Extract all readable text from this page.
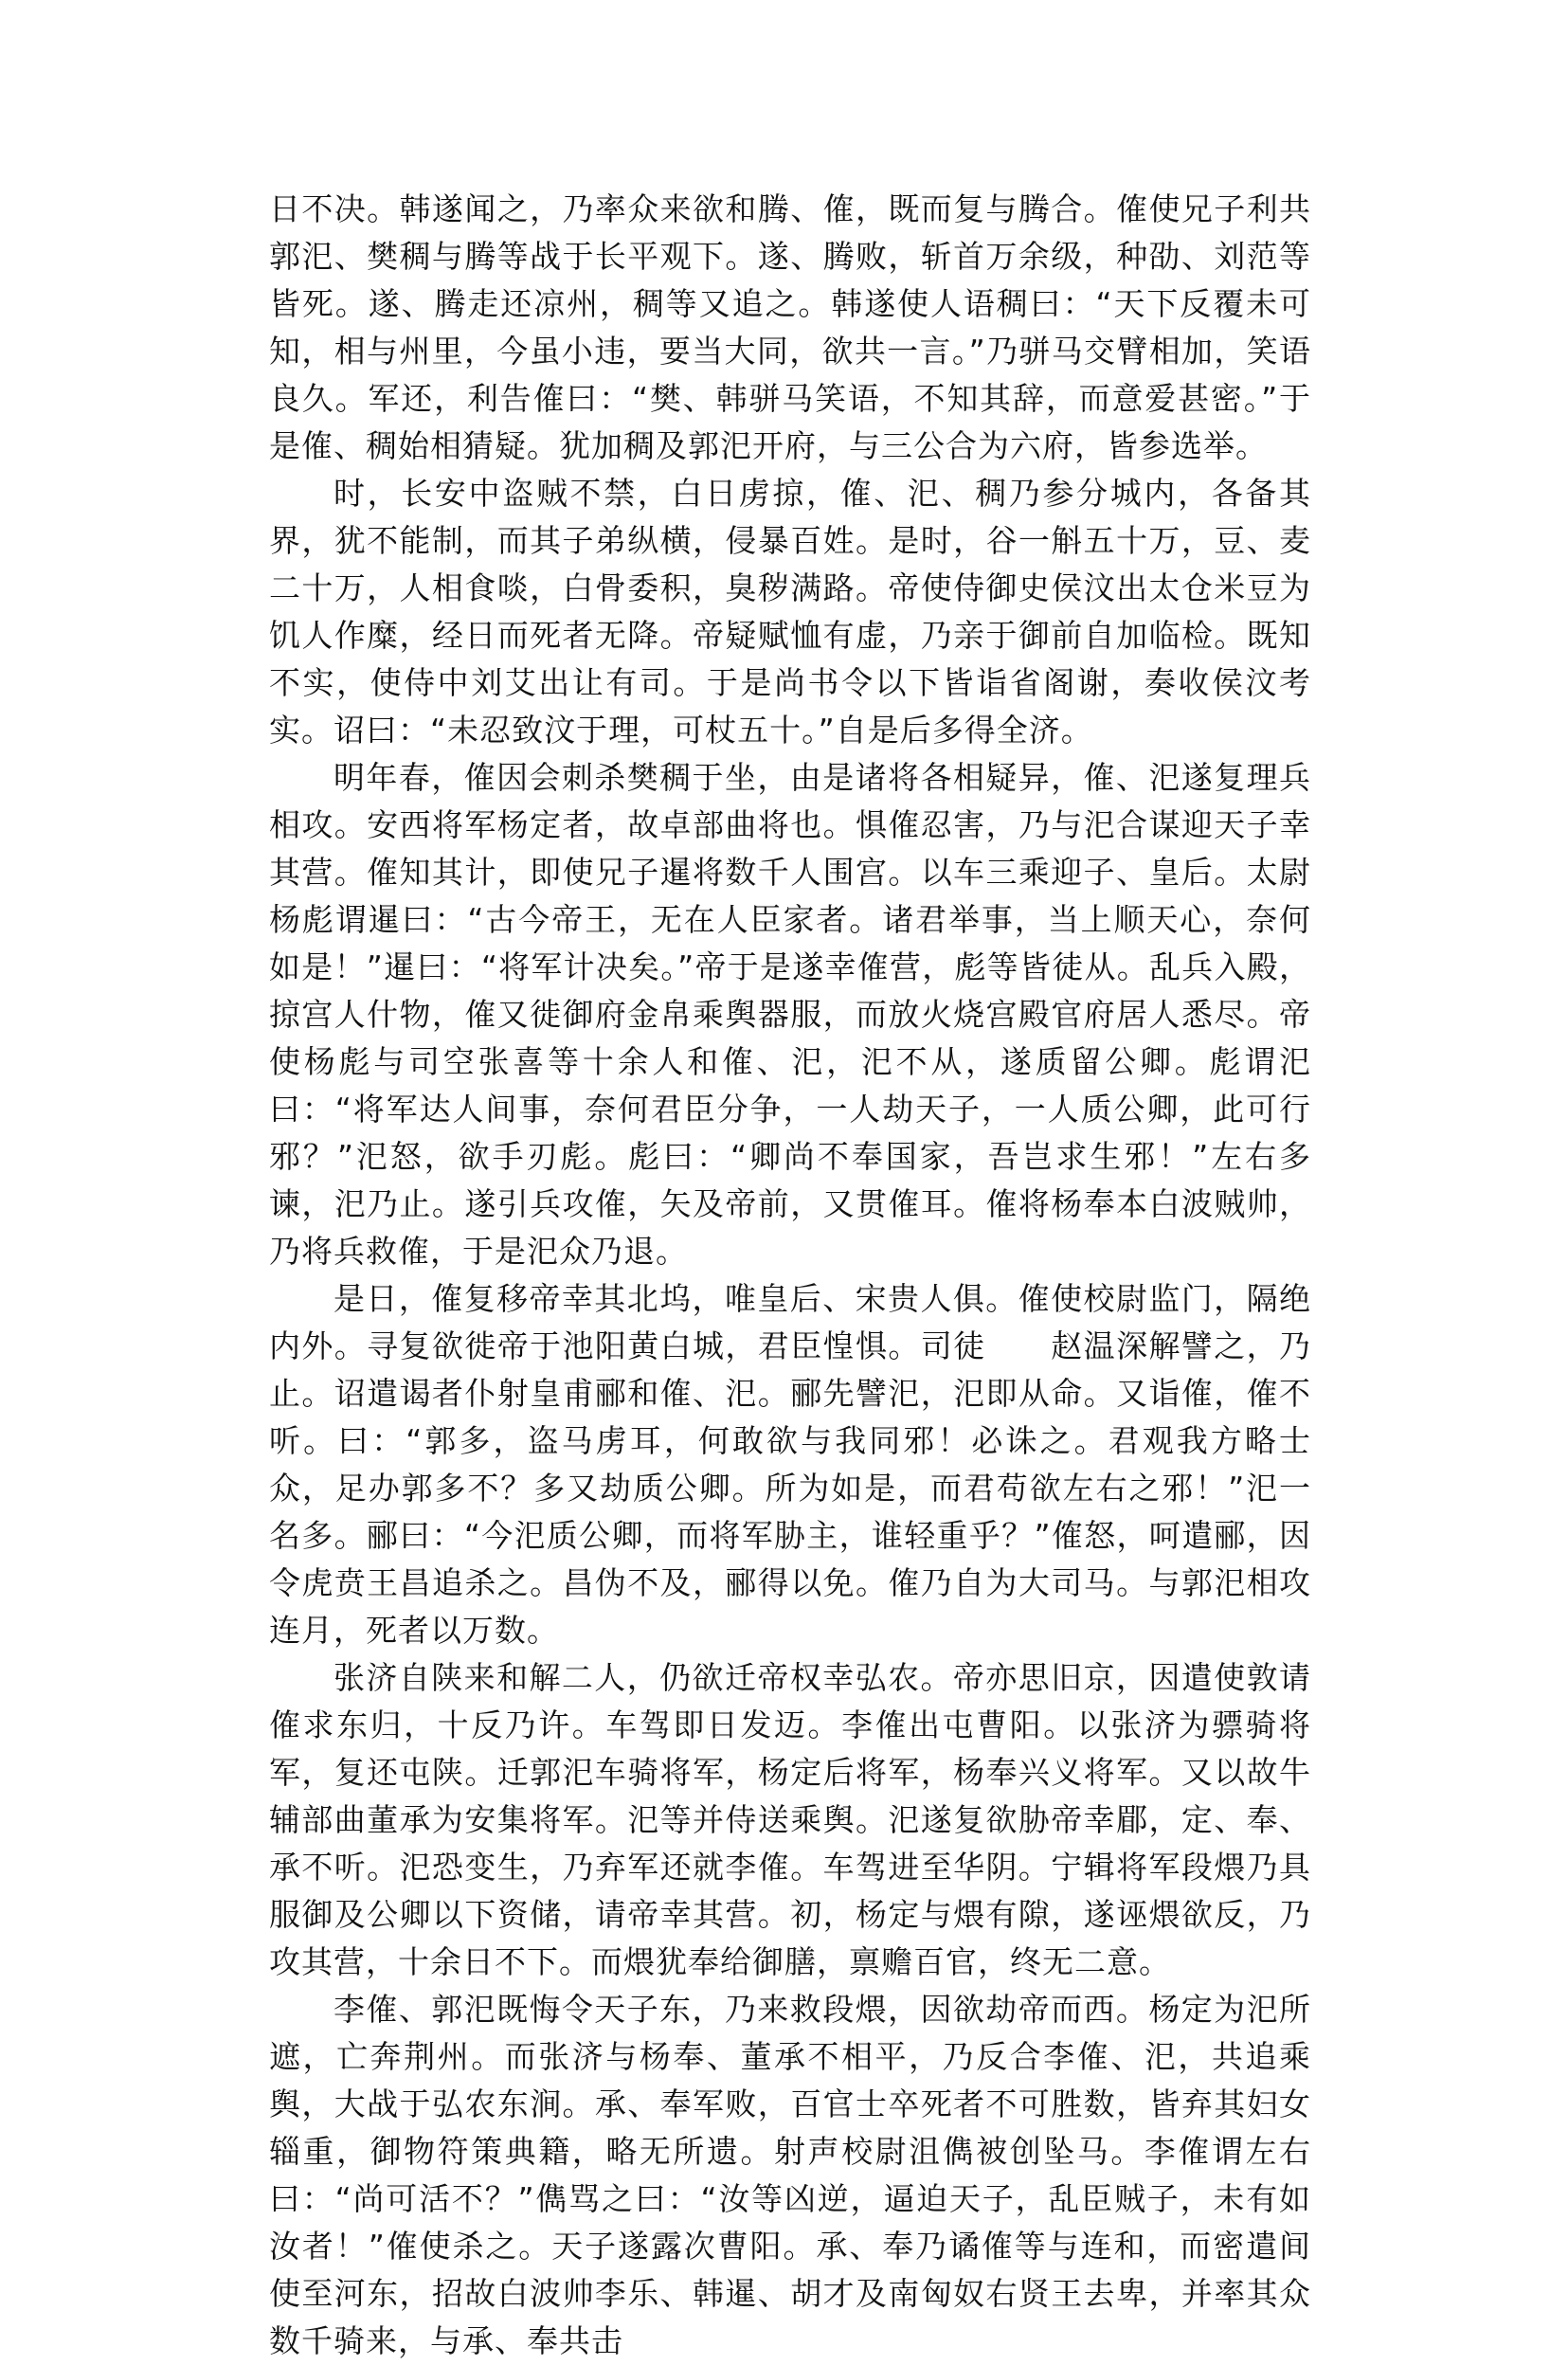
日不决。韩遂闻之，乃率众来欲和腾、傕，既而复与腾合。傕使兄子利共郭汜、樊稠与腾等战于长平观下。遂、腾败，斩首万余级，种劭、刘范等皆死。遂、腾走还凉州，稠等又追之。韩遂使人语稠曰：“天下反覆未可知，相与州里，今虽小违，要当大同，欲共一言。”乃骈马交臂相加，笑语良久。军还，利告傕曰：“樊、韩骈马笑语，不知其辞，而意爱甚密。”于是傕、稠始相猜疑。犹加稠及郭汜开府，与三公合为六府，皆参选举。

时，长安中盗贼不禁，白日虏掠，傕、汜、稠乃参分城内，各备其界，犹不能制，而其子弟纵横，侵暴百姓。是时，谷一斛五十万，豆、麦二十万，人相食啖，白骨委积，臭秽满路。帝使侍御史侯汶出太仓米豆为饥人作糜，经日而死者无降。帝疑赋恤有虚，乃亲于御前自加临检。既知不实，使侍中刘艾出让有司。于是尚书令以下皆诣省阁谢，奏收侯汶考实。诏曰：“未忍致汶于理，可杖五十。”自是后多得全济。

明年春，傕因会刺杀樊稠于坐，由是诸将各相疑异，傕、汜遂复理兵相攻。安西将军杨定者，故卓部曲将也。惧傕忍害，乃与汜合谋迎天子幸其营。傕知其计，即使兄子暹将数千人围宫。以车三乘迎子、皇后。太尉杨彪谓暹曰：“古今帝王，无在人臣家者。诸君举事，当上顺天心，奈何如是！”暹曰：“将军计决矣。”帝于是遂幸傕营，彪等皆徒从。乱兵入殿，掠宫人什物，傕又徙御府金帛乘舆器服，而放火烧宫殿官府居人悉尽。帝使杨彪与司空张喜等十余人和傕、汜，汜不从，遂质留公卿。彪谓汜曰：“将军达人间事，奈何君臣分争，一人劫天子，一人质公卿，此可行邪？”汜怒，欲手刃彪。彪曰：“卿尚不奉国家，吾岂求生邪！”左右多谏，汜乃止。遂引兵攻傕，矢及帝前，又贯傕耳。傕将杨奉本白波贼帅，乃将兵救傕，于是汜众乃退。

是日，傕复移帝幸其北坞，唯皇后、宋贵人俱。傕使校尉监门，隔绝内外。寻复欲徙帝于池阳黄白城，君臣惶惧。司徒　　赵温深解譬之，乃止。诏遣谒者仆射皇甫郦和傕、汜。郦先譬汜，汜即从命。又诣傕，傕不听。曰：“郭多，盗马虏耳，何敢欲与我同邪！必诛之。君观我方略士众，足办郭多不？多又劫质公卿。所为如是，而君苟欲左右之邪！”汜一名多。郦曰：“今汜质公卿，而将军胁主，谁轻重乎？”傕怒，呵遣郦，因令虎贲王昌追杀之。昌伪不及，郦得以免。傕乃自为大司马。与郭汜相攻连月，死者以万数。

张济自陕来和解二人，仍欲迁帝权幸弘农。帝亦思旧京，因遣使敦请傕求东归，十反乃许。车驾即日发迈。李傕出屯曹阳。以张济为骠骑将军，复还屯陕。迁郭汜车骑将军，杨定后将军，杨奉兴义将军。又以故牛辅部曲董承为安集将军。汜等并侍送乘舆。汜遂复欲胁帝幸郿，定、奉、承不听。汜恐变生，乃弃军还就李傕。车驾进至华阴。宁辑将军段煨乃具服御及公卿以下资储，请帝幸其营。初，杨定与煨有隙，遂诬煨欲反，乃攻其营，十余日不下。而煨犹奉给御膳，禀赡百官，终无二意。

李傕、郭汜既悔令天子东，乃来救段煨，因欲劫帝而西。杨定为汜所遮，亡奔荆州。而张济与杨奉、董承不相平，乃反合李傕、汜，共追乘舆，大战于弘农东涧。承、奉军败，百官士卒死者不可胜数，皆弃其妇女辎重，御物符策典籍，略无所遗。射声校尉沮儁被创坠马。李傕谓左右曰：“尚可活不？”儁骂之曰：“汝等凶逆，逼迫天子，乱臣贼子，未有如汝者！”傕使杀之。天子遂露次曹阳。承、奉乃谲傕等与连和，而密遣间使至河东，招故白波帅李乐、韩暹、胡才及南匈奴右贤王去卑，并率其众数千骑来，与承、奉共击
